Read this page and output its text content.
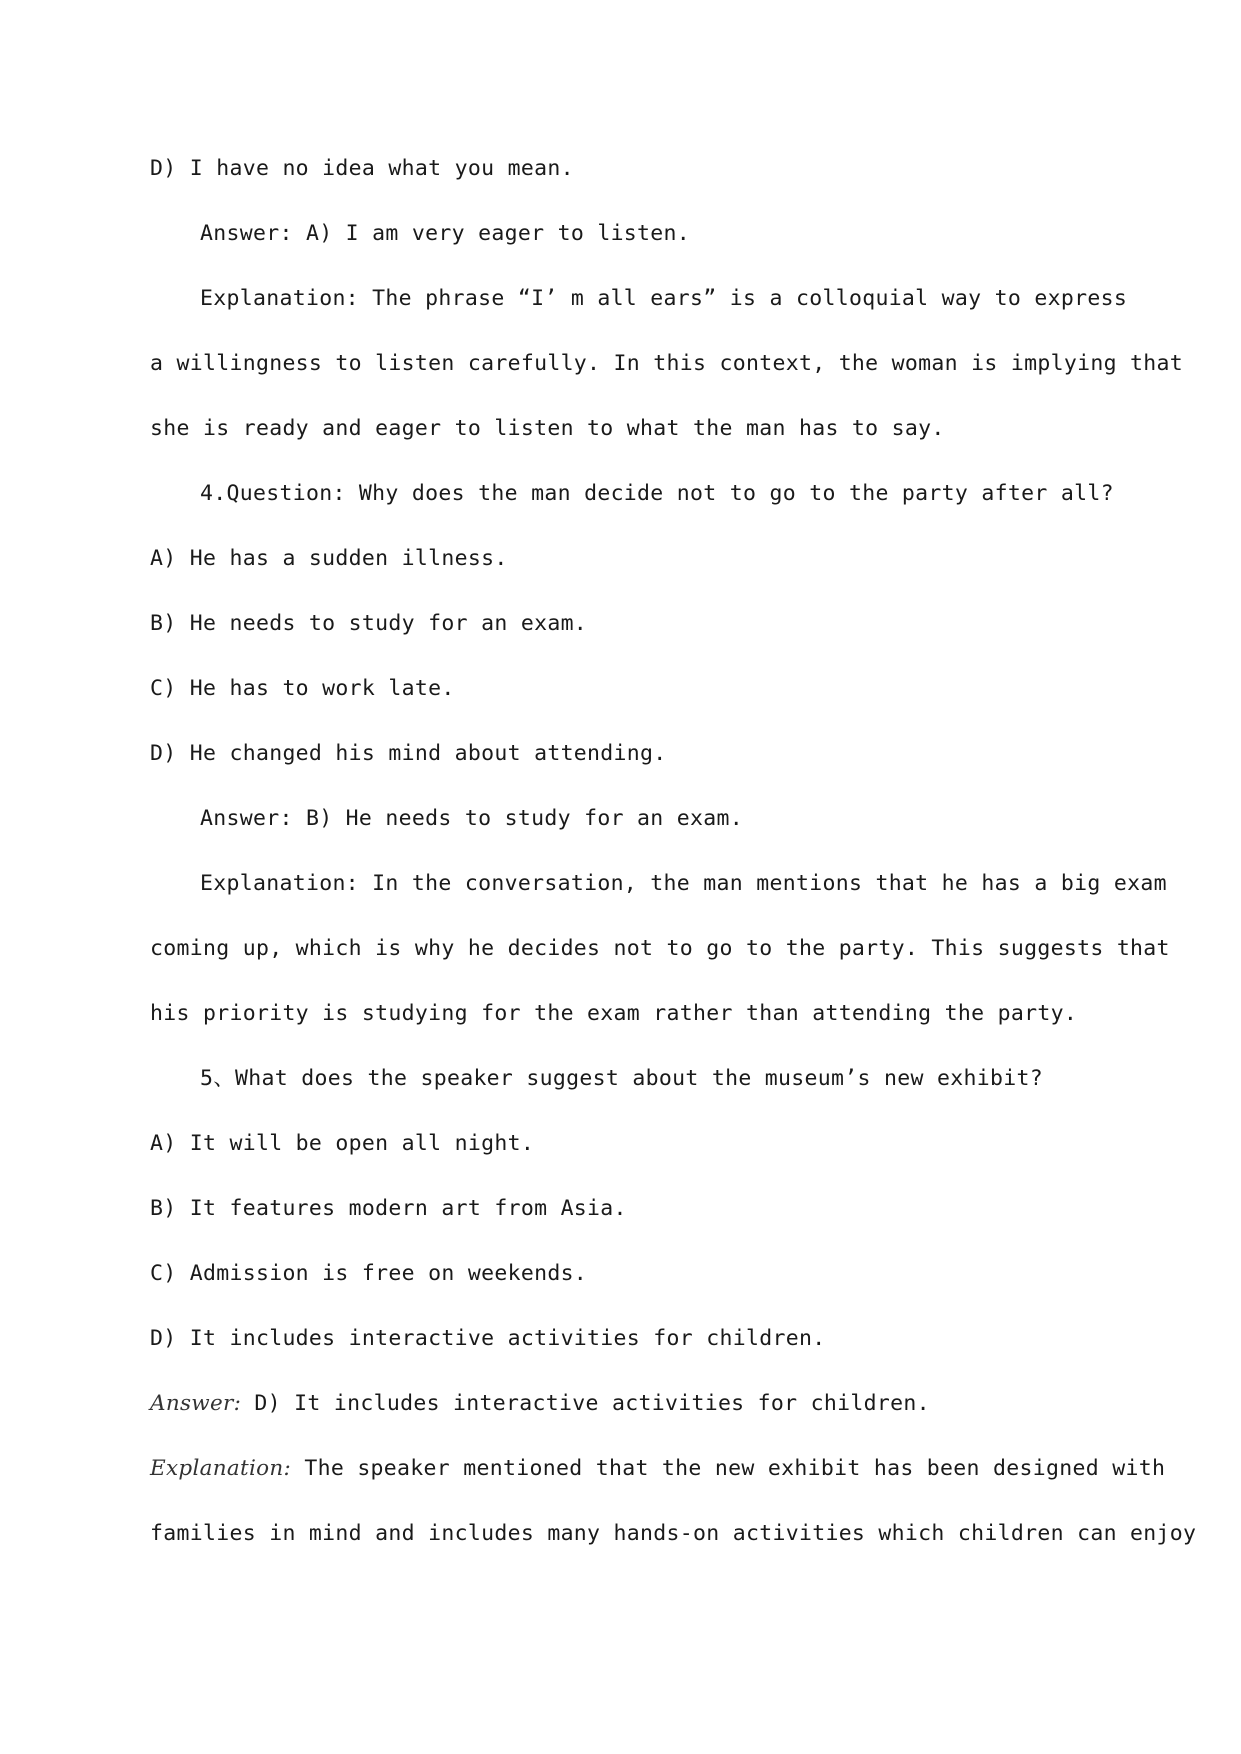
D) I have no idea what you mean.
Answer: A) I am very eager to listen.
Explanation: The phrase “I’ m all ears” is a colloquial way to express
a willingness to listen carefully. In this context, the woman is implying that
she is ready and eager to listen to what the man has to say.
4.Question: Why does the man decide not to go to the party after all?
A) He has a sudden illness.
B) He needs to study for an exam.
C) He has to work late.
D) He changed his mind about attending.
Answer: B) He needs to study for an exam.
Explanation: In the conversation, the man mentions that he has a big exam
coming up, which is why he decides not to go to the party. This suggests that
his priority is studying for the exam rather than attending the party.
5、What does the speaker suggest about the museum’s new exhibit?
A) It will be open all night.
B) It features modern art from Asia.
C) Admission is free on weekends.
D) It includes interactive activities for children.
Answer: D) It includes interactive activities for children.
Explanation: The speaker mentioned that the new exhibit has been designed with
families in mind and includes many hands-on activities which children can enjoy
